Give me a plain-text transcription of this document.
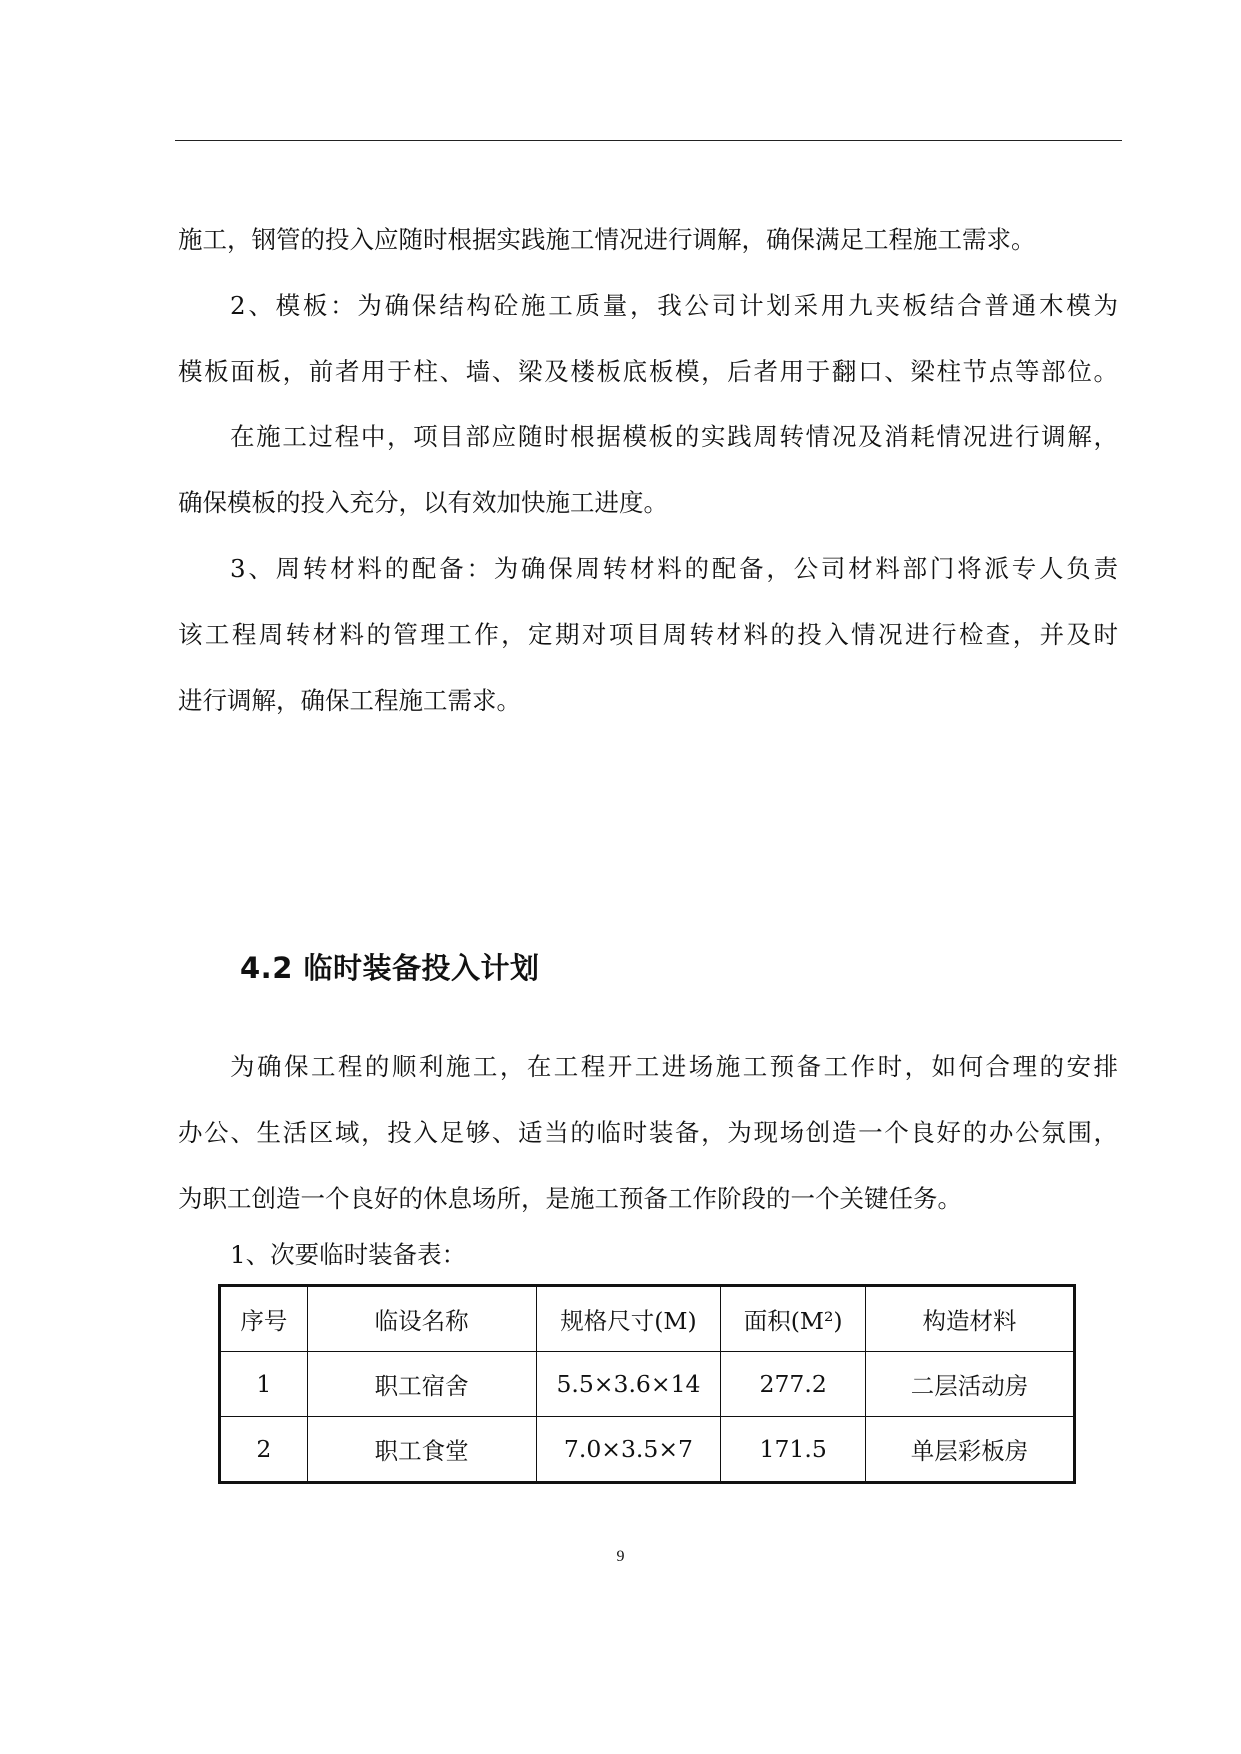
施工，钢管的投入应随时根据实践施工情况进行调解，确保满足工程施工需求。

2、模板：为确保结构砼施工质量，我公司计划采用九夹板结合普通木模为

模板面板，前者用于柱、墙、梁及楼板底板模，后者用于翻口、梁柱节点等部位。

在施工过程中，项目部应随时根据模板的实践周转情况及消耗情况进行调解，

确保模板的投入充分，以有效加快施工进度。

3、周转材料的配备：为确保周转材料的配备，公司材料部门将派专人负责

该工程周转材料的管理工作，定期对项目周转材料的投入情况进行检查，并及时

进行调解，确保工程施工需求。

4.2 临时装备投入计划

为确保工程的顺利施工，在工程开工进场施工预备工作时，如何合理的安排

办公、生活区域，投入足够、适当的临时装备，为现场创造一个良好的办公氛围，

为职工创造一个良好的休息场所，是施工预备工作阶段的一个关键任务。

1、次要临时装备表：

序号	临设名称	规格尺寸(M)	面积(M²)	构造材料
1	职工宿舍	5.5×3.6×14	277.2	二层活动房
2	职工食堂	7.0×3.5×7	171.5	单层彩板房

9
